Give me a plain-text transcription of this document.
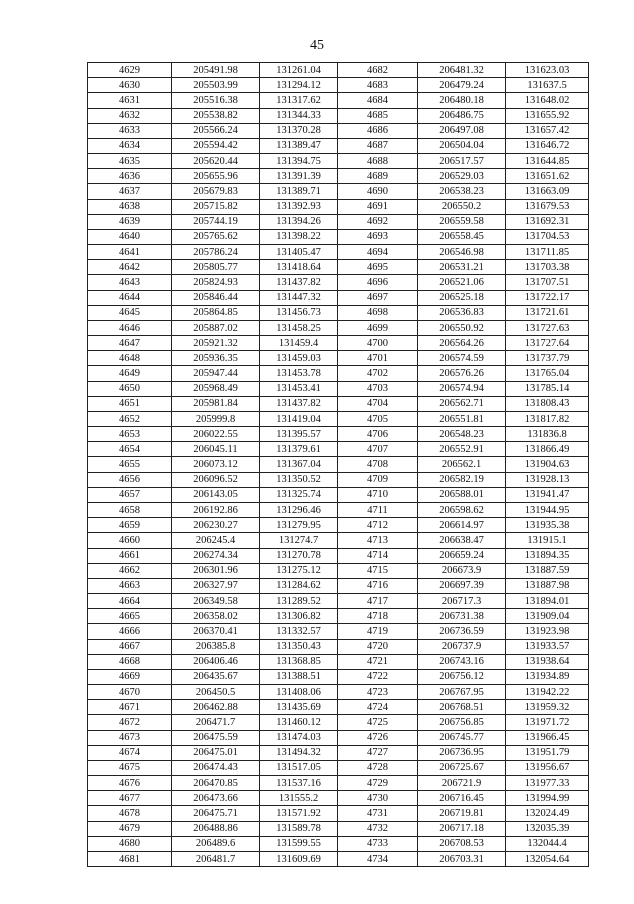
45
4629	205491.98	131261.04	4682	206481.32	131623.03
4630	205503.99	131294.12	4683	206479.24	131637.5
4631	205516.38	131317.62	4684	206480.18	131648.02
4632	205538.82	131344.33	4685	206486.75	131655.92
4633	205566.24	131370.28	4686	206497.08	131657.42
4634	205594.42	131389.47	4687	206504.04	131646.72
4635	205620.44	131394.75	4688	206517.57	131644.85
4636	205655.96	131391.39	4689	206529.03	131651.62
4637	205679.83	131389.71	4690	206538.23	131663.09
4638	205715.82	131392.93	4691	206550.2	131679.53
4639	205744.19	131394.26	4692	206559.58	131692.31
4640	205765.62	131398.22	4693	206558.45	131704.53
4641	205786.24	131405.47	4694	206546.98	131711.85
4642	205805.77	131418.64	4695	206531.21	131703.38
4643	205824.93	131437.82	4696	206521.06	131707.51
4644	205846.44	131447.32	4697	206525.18	131722.17
4645	205864.85	131456.73	4698	206536.83	131721.61
4646	205887.02	131458.25	4699	206550.92	131727.63
4647	205921.32	131459.4	4700	206564.26	131727.64
4648	205936.35	131459.03	4701	206574.59	131737.79
4649	205947.44	131453.78	4702	206576.26	131765.04
4650	205968.49	131453.41	4703	206574.94	131785.14
4651	205981.84	131437.82	4704	206562.71	131808.43
4652	205999.8	131419.04	4705	206551.81	131817.82
4653	206022.55	131395.57	4706	206548.23	131836.8
4654	206045.11	131379.61	4707	206552.91	131866.49
4655	206073.12	131367.04	4708	206562.1	131904.63
4656	206096.52	131350.52	4709	206582.19	131928.13
4657	206143.05	131325.74	4710	206588.01	131941.47
4658	206192.86	131296.46	4711	206598.62	131944.95
4659	206230.27	131279.95	4712	206614.97	131935.38
4660	206245.4	131274.7	4713	206638.47	131915.1
4661	206274.34	131270.78	4714	206659.24	131894.35
4662	206301.96	131275.12	4715	206673.9	131887.59
4663	206327.97	131284.62	4716	206697.39	131887.98
4664	206349.58	131289.52	4717	206717.3	131894.01
4665	206358.02	131306.82	4718	206731.38	131909.04
4666	206370.41	131332.57	4719	206736.59	131923.98
4667	206385.8	131350.43	4720	206737.9	131933.57
4668	206406.46	131368.85	4721	206743.16	131938.64
4669	206435.67	131388.51	4722	206756.12	131934.89
4670	206450.5	131408.06	4723	206767.95	131942.22
4671	206462.88	131435.69	4724	206768.51	131959.32
4672	206471.7	131460.12	4725	206756.85	131971.72
4673	206475.59	131474.03	4726	206745.77	131966.45
4674	206475.01	131494.32	4727	206736.95	131951.79
4675	206474.43	131517.05	4728	206725.67	131956.67
4676	206470.85	131537.16	4729	206721.9	131977.33
4677	206473.66	131555.2	4730	206716.45	131994.99
4678	206475.71	131571.92	4731	206719.81	132024.49
4679	206488.86	131589.78	4732	206717.18	132035.39
4680	206489.6	131599.55	4733	206708.53	132044.4
4681	206481.7	131609.69	4734	206703.31	132054.64
